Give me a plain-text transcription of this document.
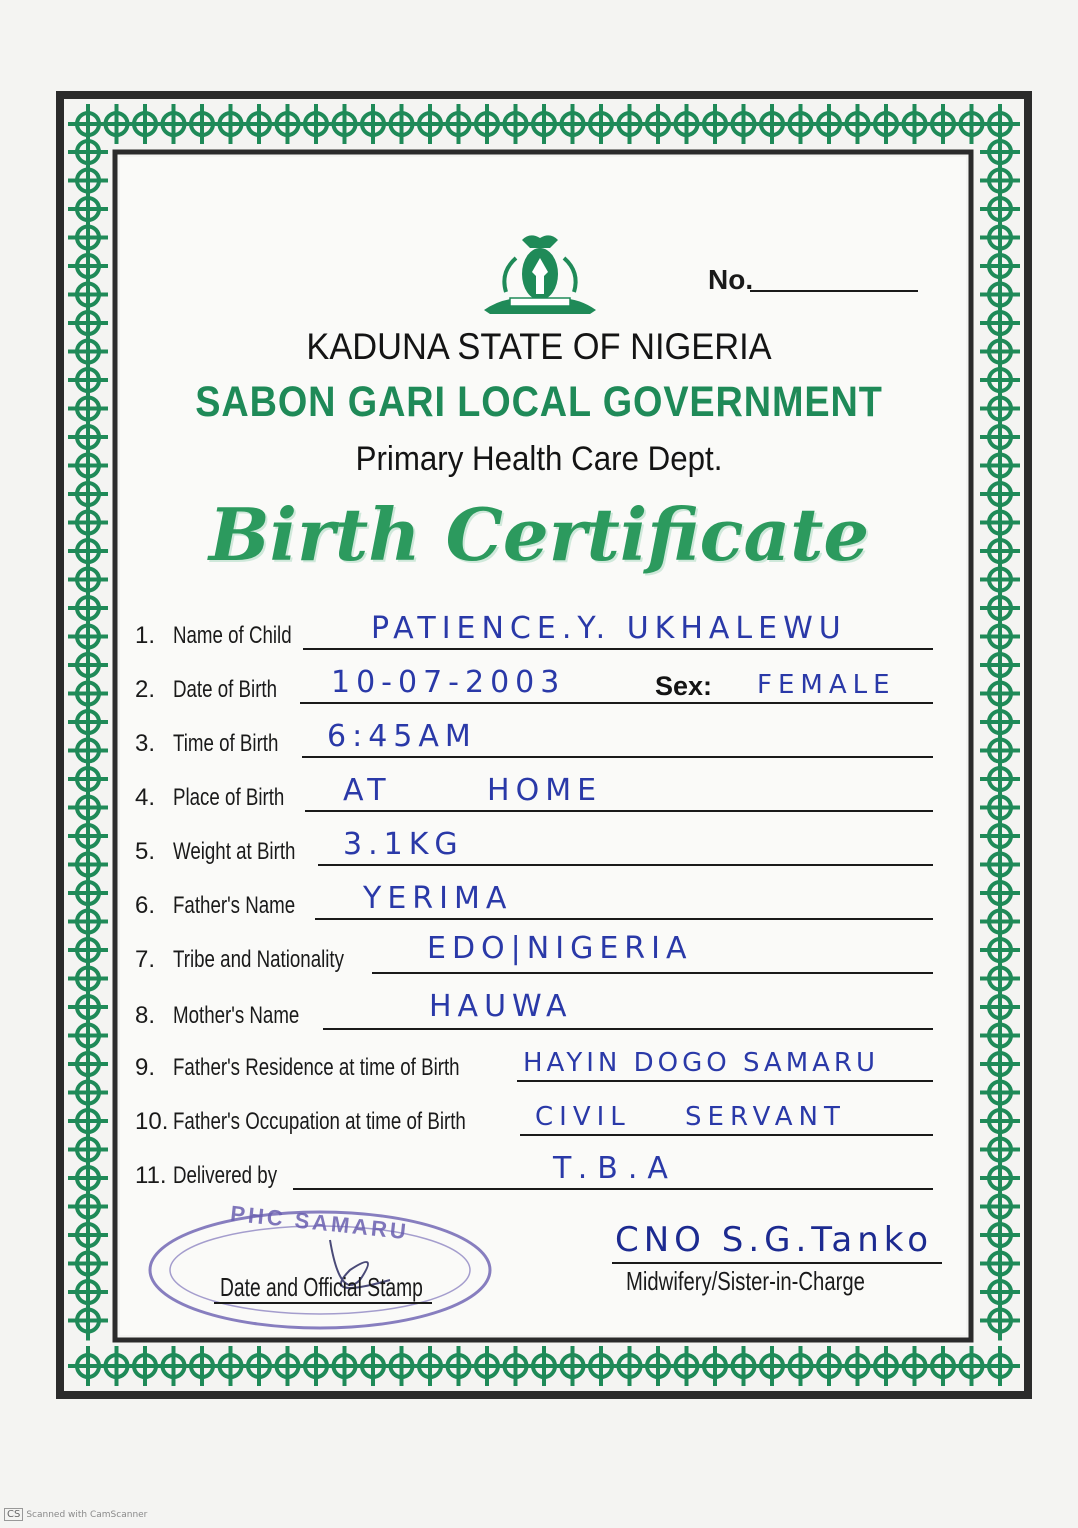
No.
KADUNA STATE OF NIGERIA
SABON GARI LOCAL GOVERNMENT
Primary Health Care Dept.
Birth Certificate
1. Name of Child	PATIENCE.Y. UKHALEWU
2. Date of Birth 10-07-2003	Sex: FEMALE
3. Time of Birth 6:45AM
4. Place of Birth AT HOME
5. Weight at Birth 3.1KG
6. Father's Name YERIMA
7. Tribe and Nationality	EDO|NIGERIA
8. Mother's Name	HAUWA
9. Father's Residence at time of Birth HAYIN DOGO SAMARU
10. Father's Occupation at time of Birth	CIVIL SERVANT
11. Delivered by	T.B.A
PHC SAMARU
Date and Official Stamp
CNO S.G.Tanko
Midwifery/Sister-in-Charge
CS Scanned with CamScanner
